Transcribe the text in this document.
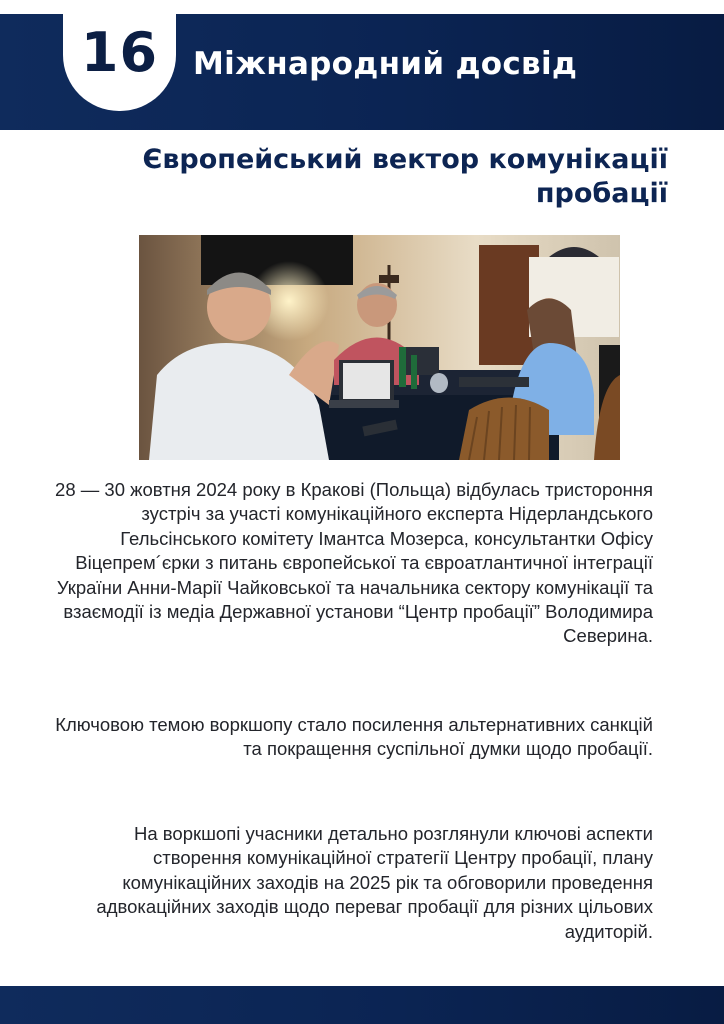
16 Міжнародний досвід
Європейський вектор комунікації пробації
28 — 30 жовтня 2024 року в Кракові (Польща) відбулась тристороння зустріч за участі комунікаційного експерта Нідерландського Гельсінського комітету Імантса Мозерса, консультантки Офісу Віцепрем´єрки з питань європейської та євроатлантичної інтеграції України Анни-Марії Чайковської та начальника сектору комунікації та взаємодії із медіа Державної установи “Центр пробації” Володимира Северина.
Ключовою темою воркшопу стало посилення альтернативних санкцій та покращення суспільної думки щодо пробації.
На воркшопі учасники детально розглянули ключові аспекти створення комунікаційної стратегії Центру пробації, плану комунікаційних заходів на 2025 рік та обговорили проведення адвокаційних заходів щодо переваг пробації для різних цільових аудиторій.
